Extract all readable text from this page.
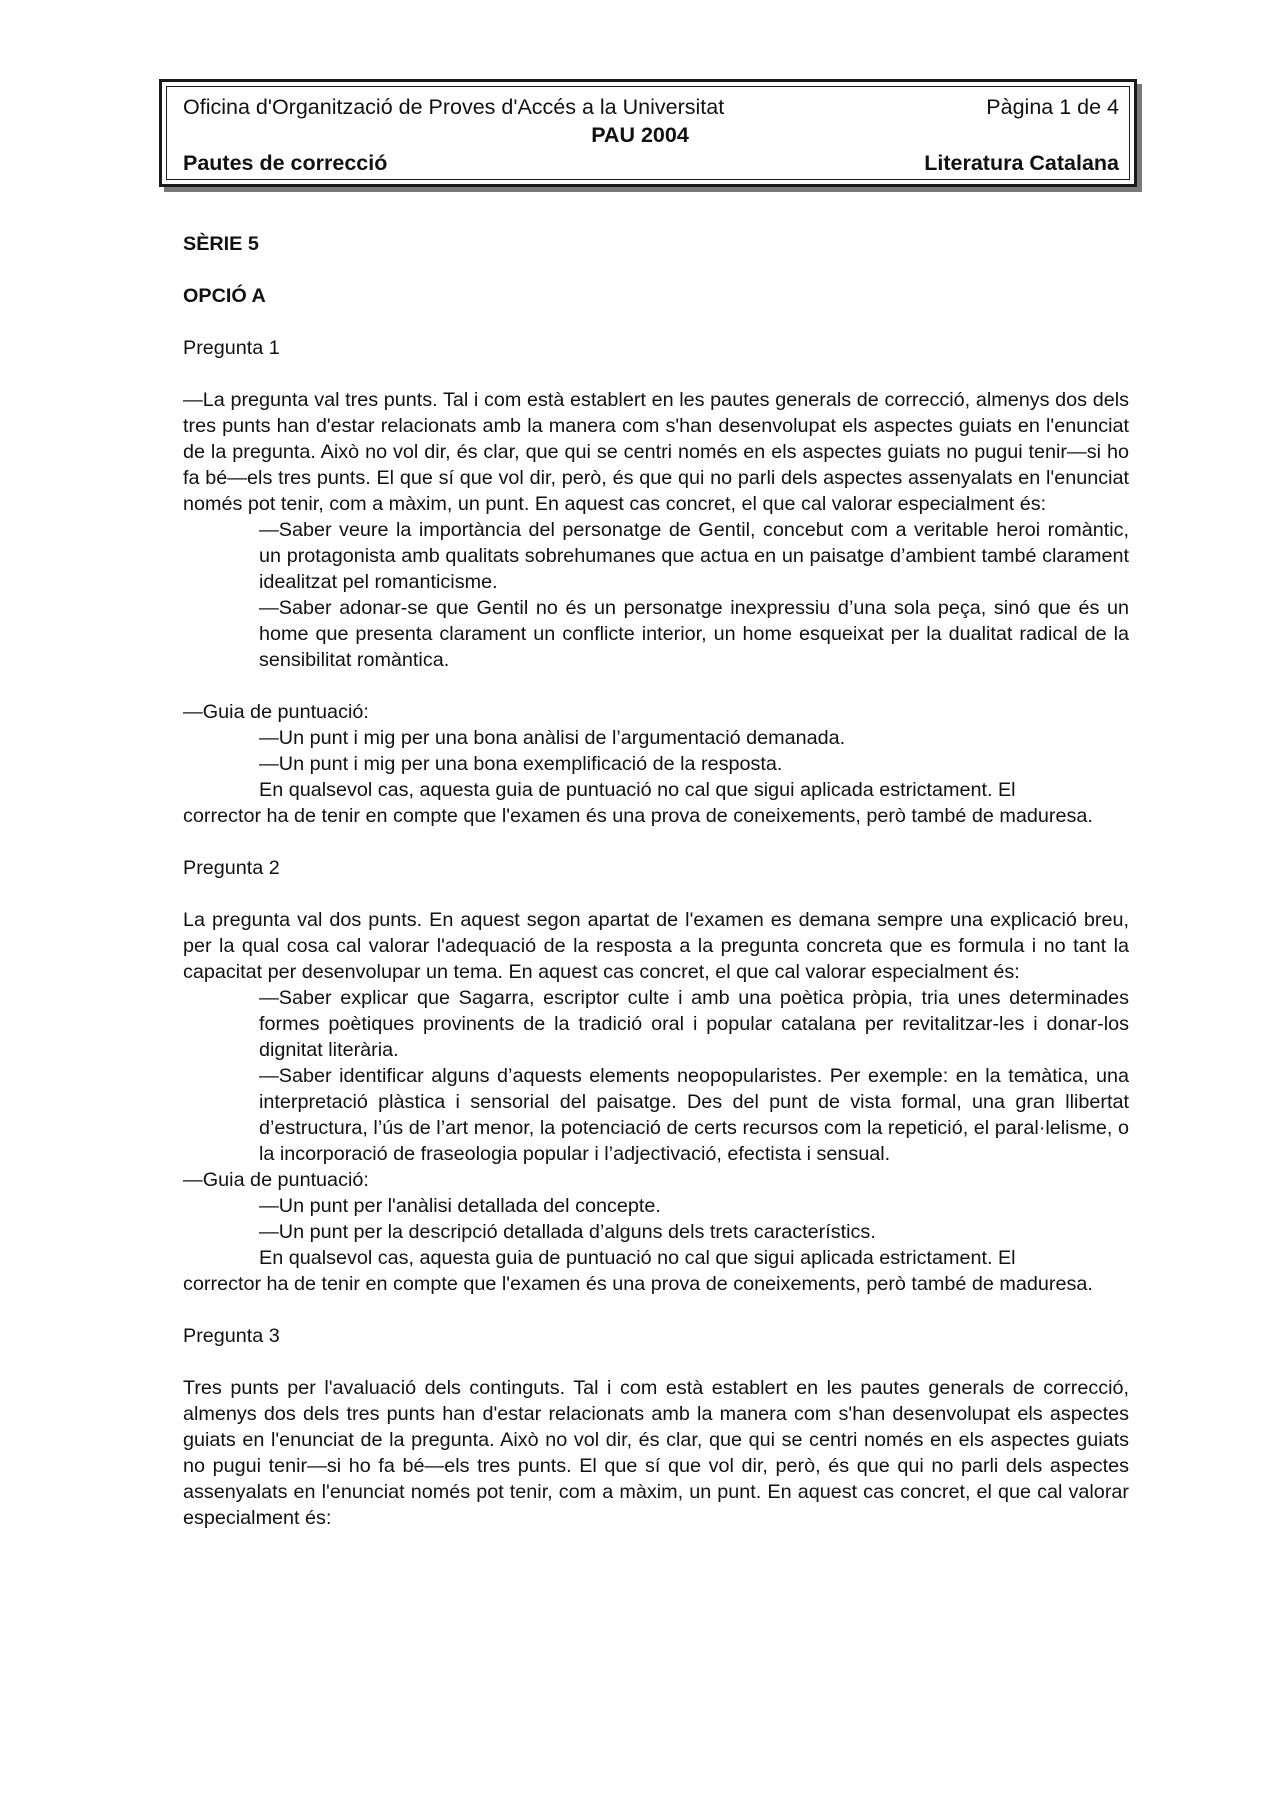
Oficina d'Organització de Proves d'Accés a la Universitat	Pàgina 1 de 4
PAU 2004
Pautes de correcció	Literatura Catalana

SÈRIE 5

OPCIÓ A

Pregunta 1

—La pregunta val tres punts. Tal i com està establert en les pautes generals de correcció, almenys dos dels tres punts han d'estar relacionats amb la manera com s'han desenvolupat els aspectes guiats en l'enunciat de la pregunta. Això no vol dir, és clar, que qui se centri només en els aspectes guiats no pugui tenir—si ho fa bé—els tres punts. El que sí que vol dir, però, és que qui no parli dels aspectes assenyalats en l'enunciat només pot tenir, com a màxim, un punt. En aquest cas concret, el que cal valorar especialment és:

—Saber veure la importància del personatge de Gentil, concebut com a veritable heroi romàntic, un protagonista amb qualitats sobrehumanes que actua en un paisatge d’ambient també clarament idealitzat pel romanticisme.

—Saber adonar-se que Gentil no és un personatge inexpressiu d’una sola peça, sinó que és un home que presenta clarament un conflicte interior, un home esqueixat per la dualitat radical de la sensibilitat romàntica.

—Guia de puntuació:

—Un punt i mig per una bona anàlisi de l’argumentació demanada.

—Un punt i mig per una bona exemplificació de la resposta.

En qualsevol cas, aquesta guia de puntuació no cal que sigui aplicada estrictament. El

corrector ha de tenir en compte que l'examen és una prova de coneixements, però també de maduresa.

Pregunta 2

La pregunta val dos punts. En aquest segon apartat de l'examen es demana sempre una explicació breu, per la qual cosa cal valorar l'adequació de la resposta a la pregunta concreta que es formula i no tant la capacitat per desenvolupar un tema. En aquest cas concret, el que cal valorar especialment és:

—Saber explicar que Sagarra, escriptor culte i amb una poètica pròpia, tria unes determinades formes poètiques provinents de la tradició oral i popular catalana per revitalitzar-les i donar-los dignitat literària.

—Saber identificar alguns d’aquests elements neopopularistes. Per exemple: en la temàtica, una interpretació plàstica i sensorial del paisatge. Des del punt de vista formal, una gran llibertat d’estructura, l’ús de l’art menor, la potenciació de certs recursos com la repetició, el paral·lelisme, o la incorporació de fraseologia popular i l’adjectivació, efectista i sensual.

—Guia de puntuació:

—Un punt per l'anàlisi detallada del concepte.

—Un punt per la descripció detallada d’alguns dels trets característics.

En qualsevol cas, aquesta guia de puntuació no cal que sigui aplicada estrictament. El

corrector ha de tenir en compte que l'examen és una prova de coneixements, però també de maduresa.

Pregunta 3

Tres punts per l'avaluació dels continguts. Tal i com està establert en les pautes generals de correcció, almenys dos dels tres punts han d'estar relacionats amb la manera com s'han desenvolupat els aspectes guiats en l'enunciat de la pregunta. Això no vol dir, és clar, que qui se centri només en els aspectes guiats no pugui tenir—si ho fa bé—els tres punts. El que sí que vol dir, però, és que qui no parli dels aspectes assenyalats en l'enunciat només pot tenir, com a màxim, un punt. En aquest cas concret, el que cal valorar especialment és:
